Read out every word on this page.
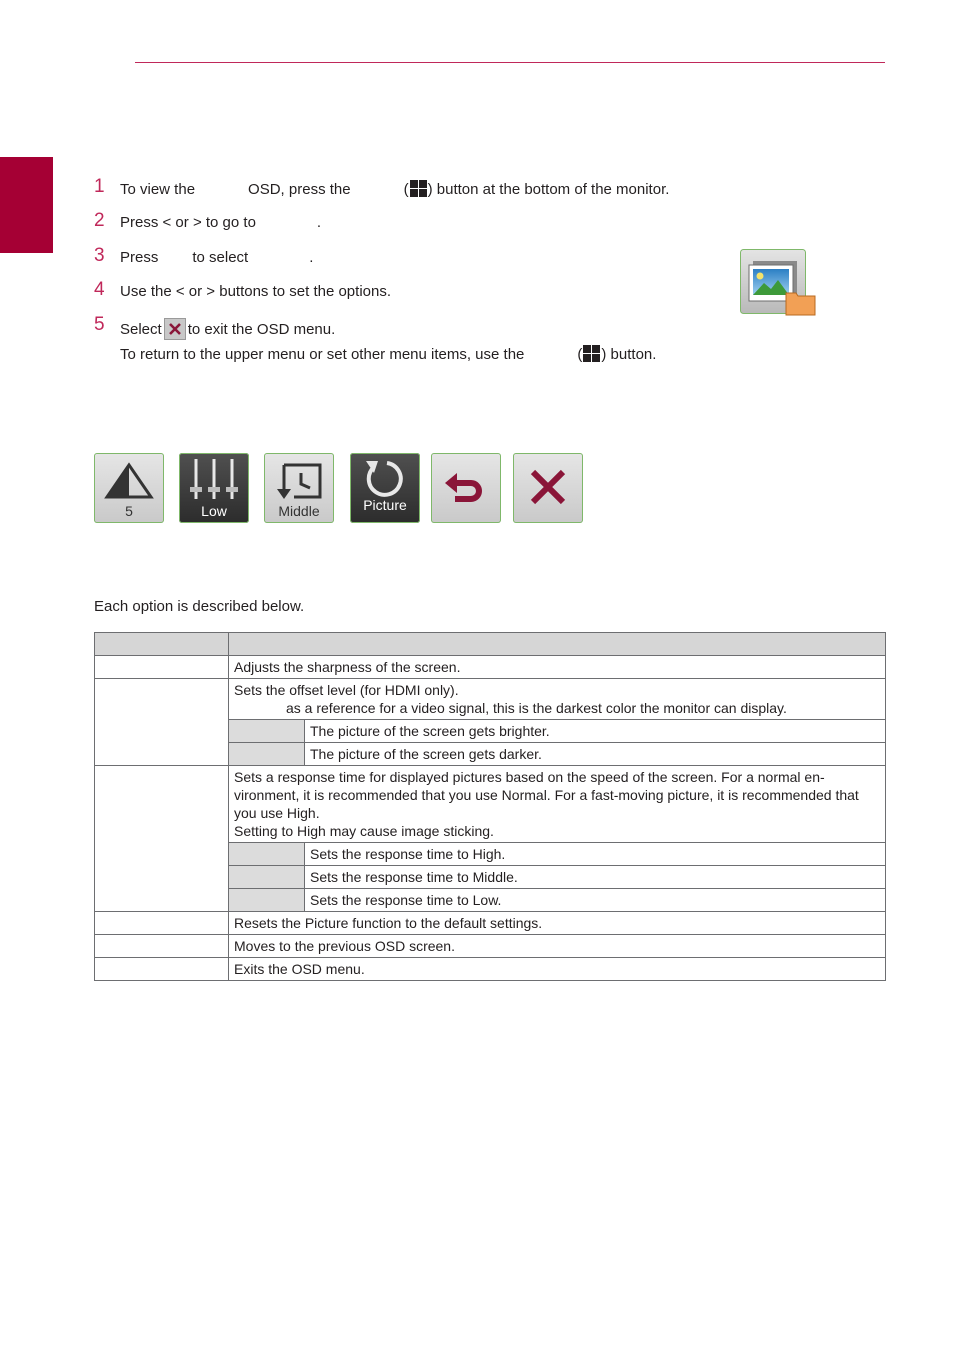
1 To view the	OSD, press the	( ) button at the bottom of the monitor.
2 Press < or > to go to	.
3 Press to select	.
4 Use the < or > buttons to set the options.
5 Select to exit the OSD menu.
To return to the upper menu or set other menu items, use the	( ) button.
5	Low	Middle	Picture
Each option is described below.

	Adjusts the sharpness of the screen.	

	Sets the offset level (for HDMI only).
as a reference for a video signal, this is the darkest color the monitor can display.	

		The picture of the screen gets brighter.
		The picture of the screen gets darker.

	Sets a response time for displayed pictures based on the speed of the screen. For a normal en-vironment, it is recommended that you use Normal. For a fast-moving picture, it is recommended that you use High.
Setting to High may cause image sticking.	

		Sets the response time to High.
		Sets the response time to Middle.
		Sets the response time to Low.
	Resets the Picture function to the default settings.	
	Moves to the previous OSD screen.	
	Exits the OSD menu.	
